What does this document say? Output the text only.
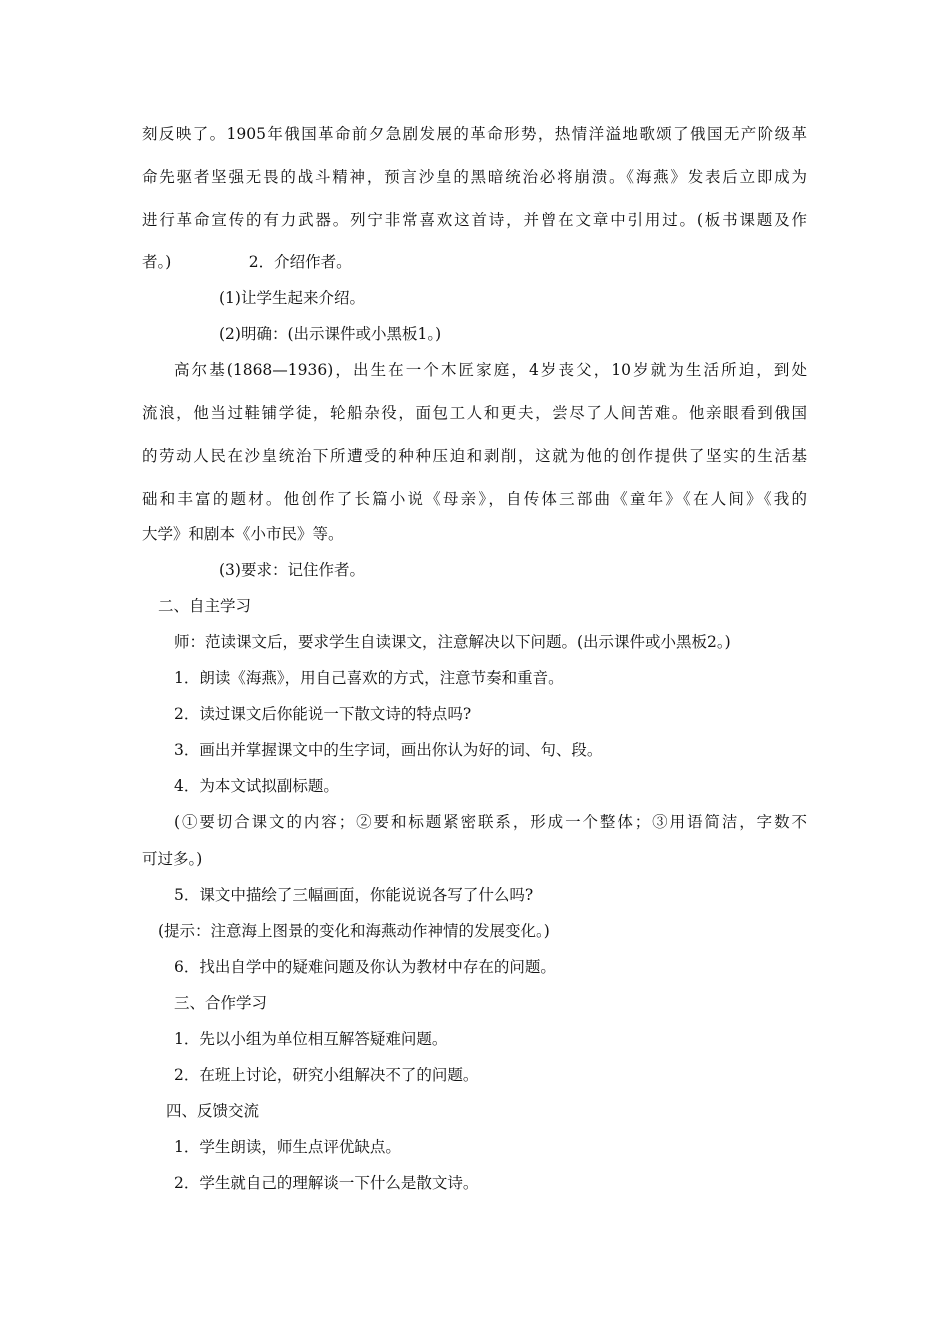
刻反映了。1905年俄国革命前夕急剧发展的革命形势，热情洋溢地歌颂了俄国无产阶级革
命先驱者坚强无畏的战斗精神，预言沙皇的黑暗统治必将崩溃。《海燕》发表后立即成为
进行革命宣传的有力武器。列宁非常喜欢这首诗，并曾在文章中引用过。(板书课题及作
者。)　　　　　2．介绍作者。
(1)让学生起来介绍。
(2)明确：(出示课件或小黑板1。)
高尔基(1868—1936)，出生在一个木匠家庭，4岁丧父，10岁就为生活所迫，到处
流浪，他当过鞋铺学徒，轮船杂役，面包工人和更夫，尝尽了人间苦难。他亲眼看到俄国
的劳动人民在沙皇统治下所遭受的种种压迫和剥削，这就为他的创作提供了坚实的生活基
础和丰富的题材。他创作了长篇小说《母亲》，自传体三部曲《童年》《在人间》《我的
大学》和剧本《小市民》等。
(3)要求：记住作者。
二、自主学习
师：范读课文后，要求学生自读课文，注意解决以下问题。(出示课件或小黑板2。)
1．朗读《海燕》，用自己喜欢的方式，注意节奏和重音。
2．读过课文后你能说一下散文诗的特点吗?
3．画出并掌握课文中的生字词，画出你认为好的词、句、段。
4．为本文试拟副标题。
(①要切合课文的内容；②要和标题紧密联系，形成一个整体；③用语简洁，字数不
可过多。)
5．课文中描绘了三幅画面，你能说说各写了什么吗?
(提示：注意海上图景的变化和海燕动作神情的发展变化。)
6．找出自学中的疑难问题及你认为教材中存在的问题。
三、合作学习
1．先以小组为单位相互解答疑难问题。
2．在班上讨论，研究小组解决不了的问题。
四、反馈交流
1．学生朗读，师生点评优缺点。
2．学生就自己的理解谈一下什么是散文诗。
